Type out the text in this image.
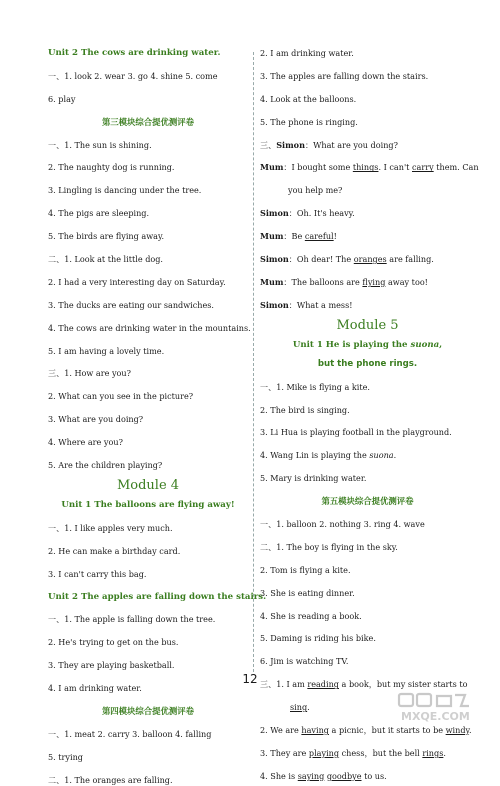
Unit 2 The cows are drinking water.
一、1. look 2. wear 3. go 4. shine 5. come
6. play
第三模块综合提优测评卷
一、1. The sun is shining.
2. The naughty dog is running.
3. Lingling is dancing under the tree.
4. The pigs are sleeping.
5. The birds are flying away.
二、1. Look at the little dog.
2. I had a very interesting day on Saturday.
3. The ducks are eating our sandwiches.
4. The cows are drinking water in the mountains.
5. I am having a lovely time.
三、1. How are you?
2. What can you see in the picture?
3. What are you doing?
4. Where are you?
5. Are the children playing?
Module 4
Unit 1 The balloons are flying away!
一、1. I like apples very much.
2. He can make a birthday card.
3. I can't carry this bag.
Unit 2 The apples are falling down the stairs.
一、1. The apple is falling down the tree.
2. He's trying to get on the bus.
3. They are playing basketball.
4. I am drinking water.
第四模块综合提优测评卷
一、1. meat 2. carry 3. balloon 4. falling
5. trying
二、1. The oranges are falling.
2. I am drinking water.
3. The apples are falling down the stairs.
4. Look at the balloons.
5. The phone is ringing.
三、Simon：What are you doing?
Mum：I bought some things. I can't carry them. Can
you help me?
Simon：Oh. It's heavy.
Mum：Be careful!
Simon：Oh dear! The oranges are falling.
Mum：The balloons are flying away too!
Simon：What a mess!
Module 5
Unit 1 He is playing the suona,
but the phone rings.
一、1. Mike is flying a kite.
2. The bird is singing.
3. Li Hua is playing football in the playground.
4. Wang Lin is playing the suona.
5. Mary is drinking water.
第五模块综合提优测评卷
一、1. balloon 2. nothing 3. ring 4. wave
二、1. The boy is flying in the sky.
2. Tom is flying a kite.
3. She is eating dinner.
4. She is reading a book.
5. Daming is riding his bike.
6. Jim is watching TV.
三、1. I am reading a book，but my sister starts to
sing.
2. We are having a picnic，but it starts to be windy.
3. They are playing chess，but the bell rings.
4. She is saying goodbye to us.
12
MXQE.COM
